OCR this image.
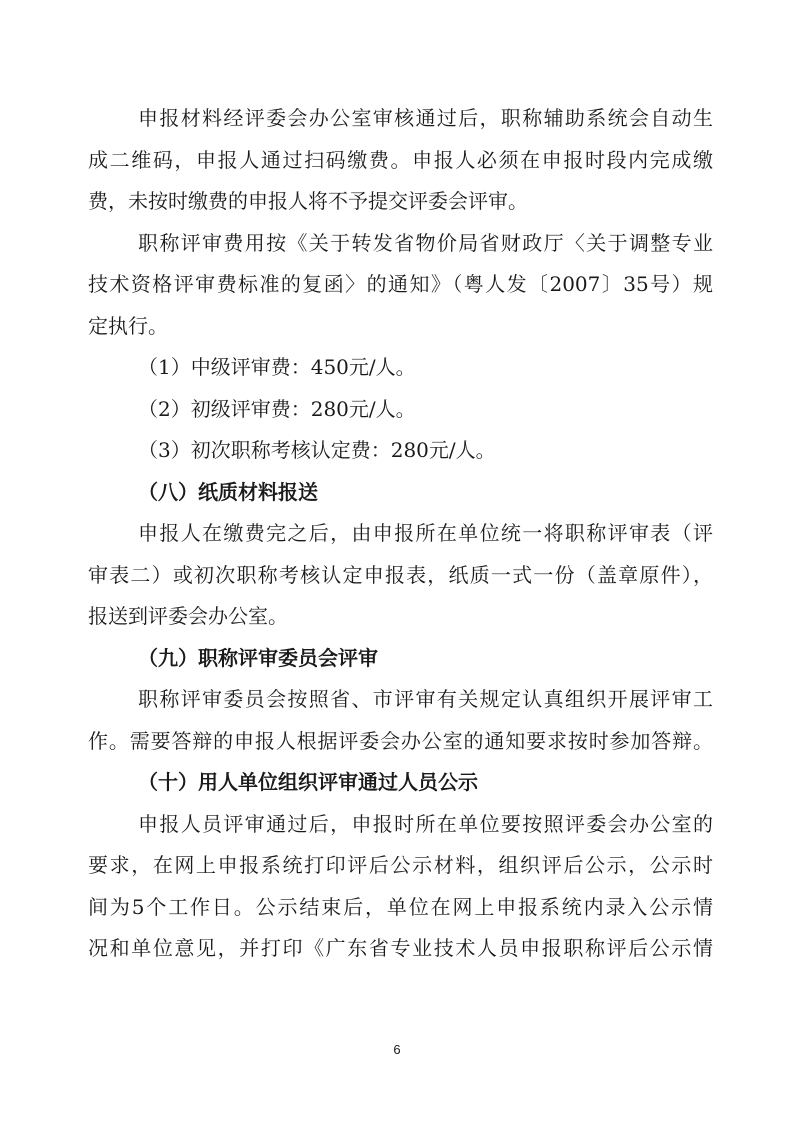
申报材料经评委会办公室审核通过后，职称辅助系统会自动生
成二维码，申报人通过扫码缴费。申报人必须在申报时段内完成缴
费，未按时缴费的申报人将不予提交评委会评审。
职称评审费用按《关于转发省物价局省财政厅〈关于调整专业
技术资格评审费标准的复函〉的通知》（粤人发〔2007〕35号）规
定执行。
（1）中级评审费：450元/人。
（2）初级评审费：280元/人。
（3）初次职称考核认定费：280元/人。
（八）纸质材料报送
申报人在缴费完之后，由申报所在单位统一将职称评审表（评
审表二）或初次职称考核认定申报表，纸质一式一份（盖章原件），
报送到评委会办公室。
（九）职称评审委员会评审
职称评审委员会按照省、市评审有关规定认真组织开展评审工
作。需要答辩的申报人根据评委会办公室的通知要求按时参加答辩。
（十）用人单位组织评审通过人员公示
申报人员评审通过后，申报时所在单位要按照评委会办公室的
要求，在网上申报系统打印评后公示材料，组织评后公示，公示时
间为5个工作日。公示结束后，单位在网上申报系统内录入公示情
况和单位意见，并打印《广东省专业技术人员申报职称评后公示情
6
